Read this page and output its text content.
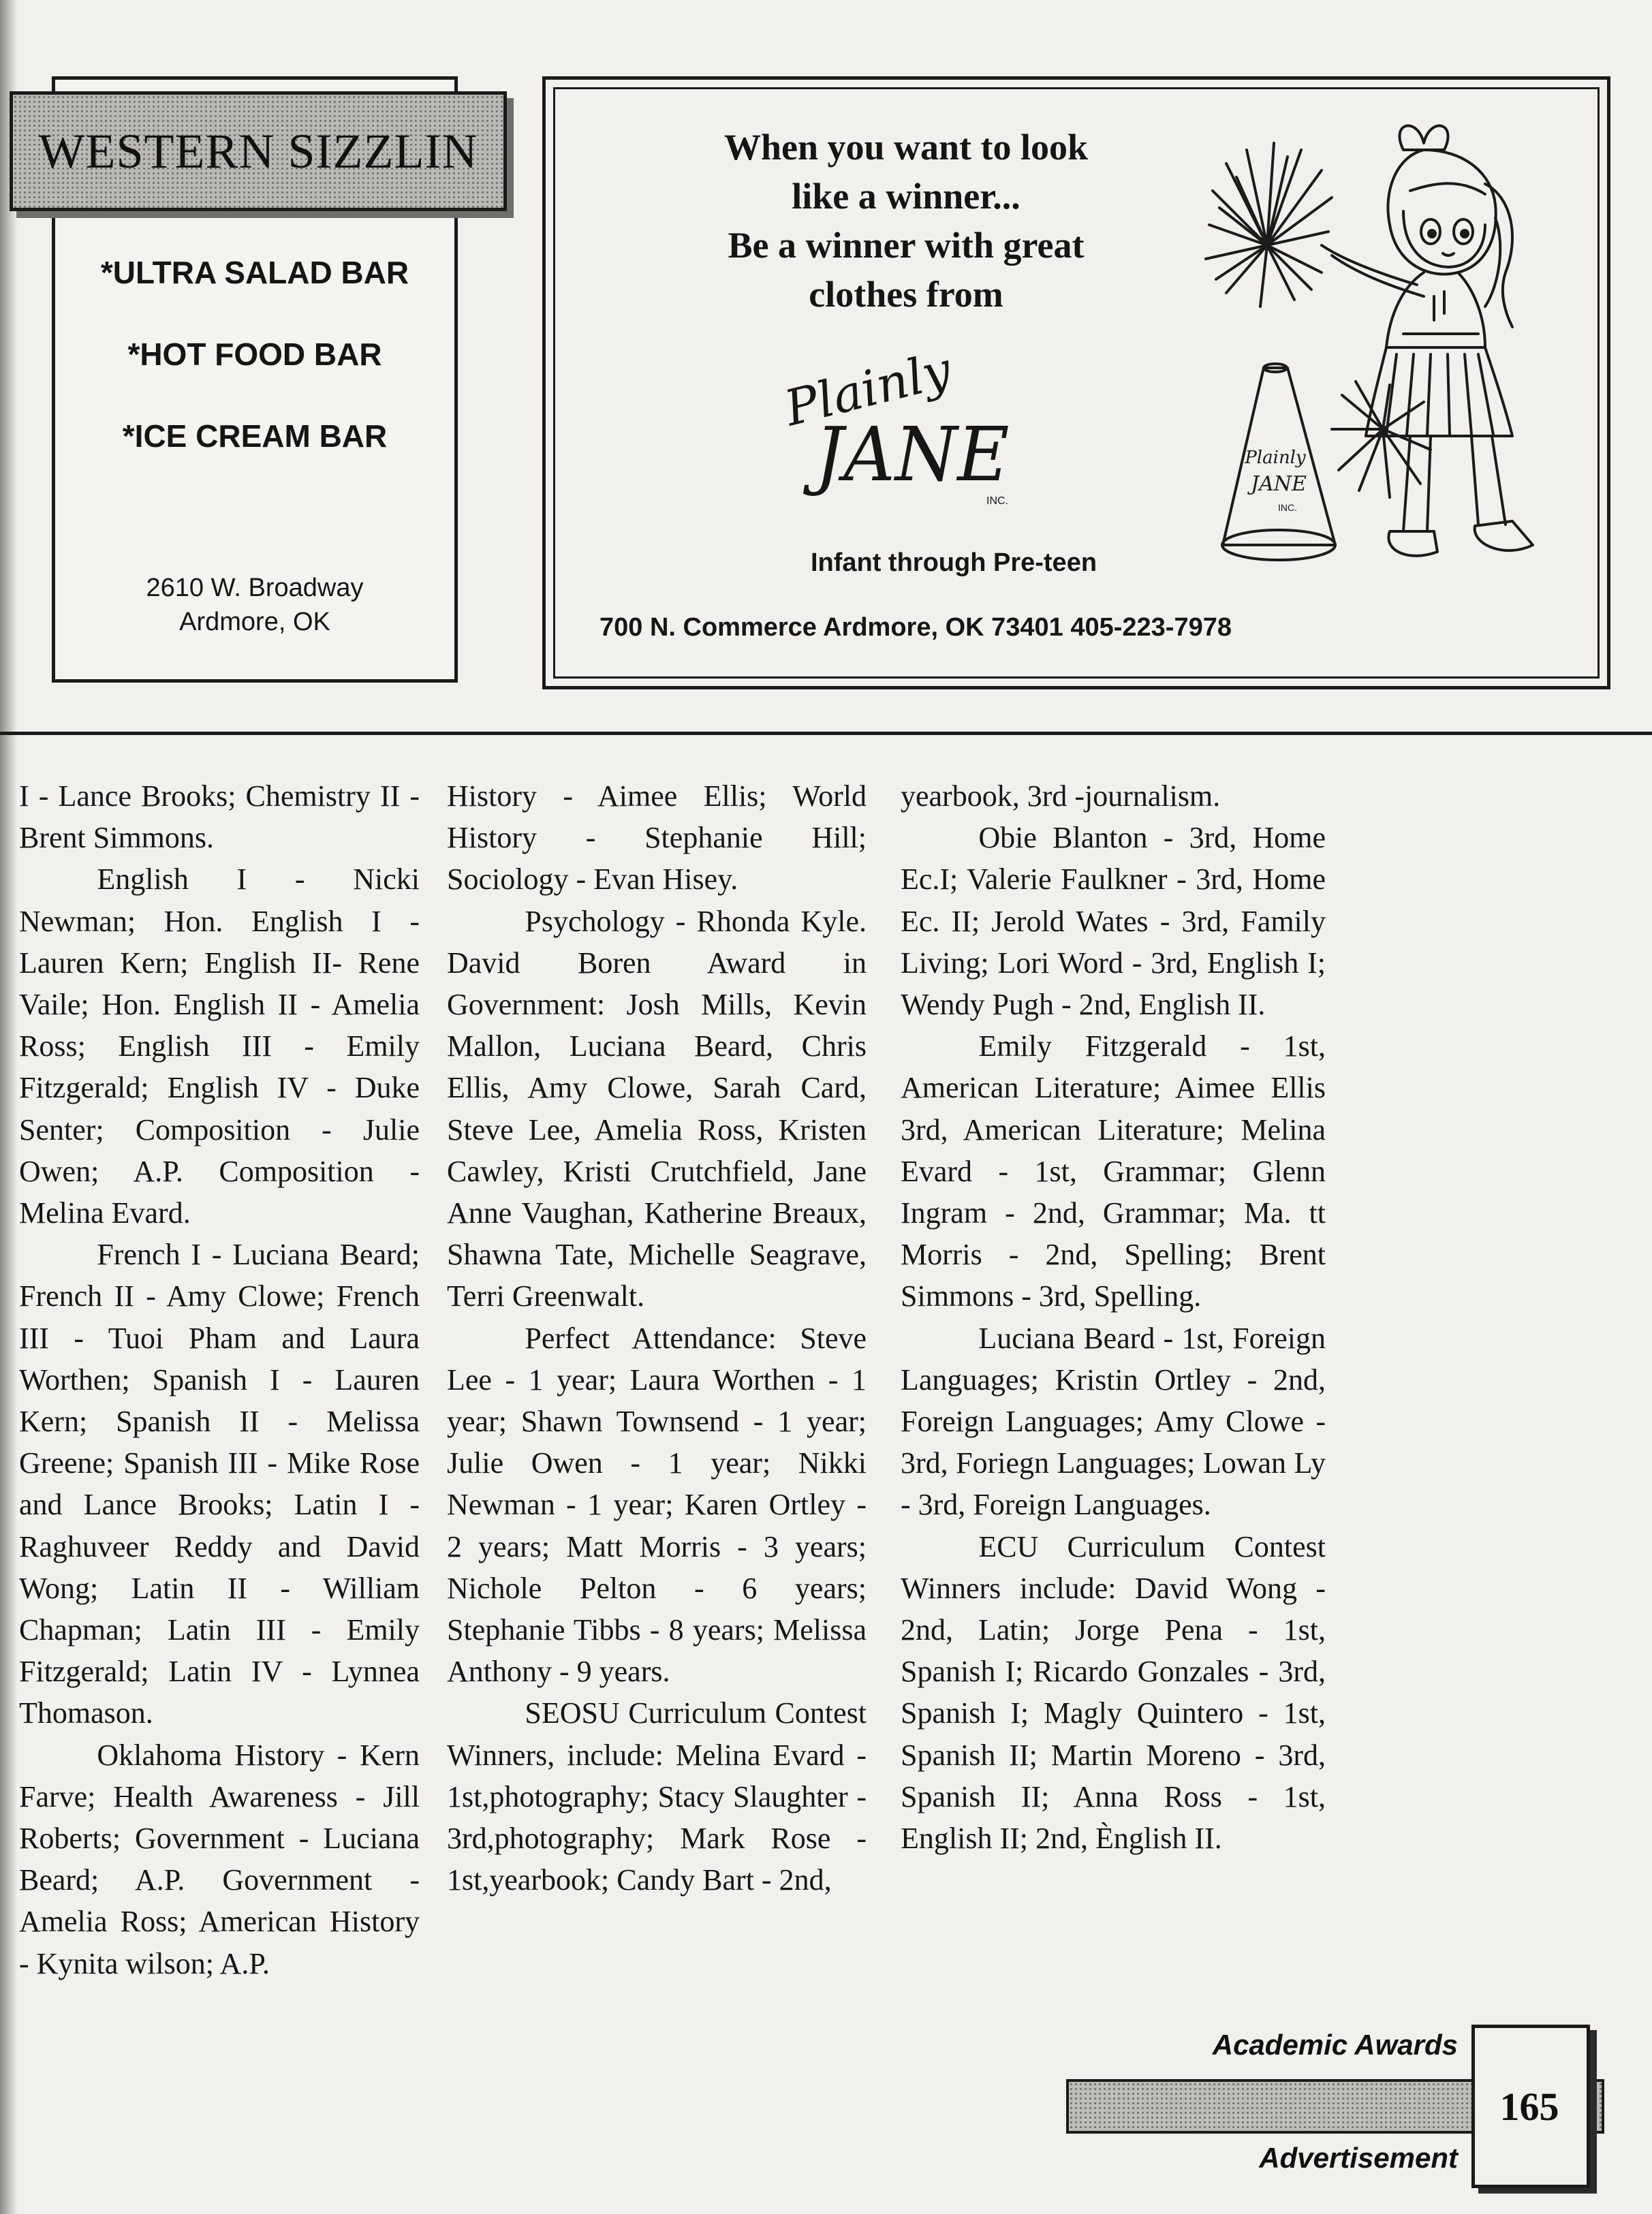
WESTERN SIZZLIN
*ULTRA SALAD BAR
*HOT FOOD BAR
*ICE CREAM BAR
2610 W. Broadway
Ardmore, OK
When you want to look
like a winner...
Be a winner with great
clothes from
Plainly
JANE
INC.
Infant through Pre-teen
700 N. Commerce Ardmore, OK 73401 405-223-7978
Plainly
JANE
INC.

I - Lance Brooks; Chemistry II - Brent Simmons.

English I - Nicki Newman; Hon. English I - Lauren Kern; English II- Rene Vaile; Hon. English II - Amelia Ross; English III - Emily Fitzgerald; English IV - Duke Senter; Composition - Julie Owen; A.P. Composition - Melina Evard.

French I - Luciana Beard; French II - Amy Clowe; French III - Tuoi Pham and Laura Worthen; Spanish I - Lauren Kern; Spanish II - Melissa Greene; Spanish III - Mike Rose and Lance Brooks; Latin I - Raghuveer Reddy and David Wong; Latin II - William Chapman; Latin III - Emily Fitzgerald; Latin IV - Lynnea Thomason.

Oklahoma History - Kern Farve; Health Awareness - Jill Roberts; Government - Luciana Beard; A.P. Government - Amelia Ross; American History - Kynita wilson; A.P.

History - Aimee Ellis; World History - Stephanie Hill; Sociology - Evan Hisey.

Psychology - Rhonda Kyle. David Boren Award in Government: Josh Mills, Kevin Mallon, Luciana Beard, Chris Ellis, Amy Clowe, Sarah Card, Steve Lee, Amelia Ross, Kristen Cawley, Kristi Crutchfield, Jane Anne Vaughan, Katherine Breaux, Shawna Tate, Michelle Seagrave, Terri Greenwalt.

Perfect Attendance: Steve Lee - 1 year; Laura Worthen - 1 year; Shawn Townsend - 1 year; Julie Owen - 1 year; Nikki Newman - 1 year; Karen Ortley - 2 years; Matt Morris - 3 years; Nichole Pelton - 6 years; Stephanie Tibbs - 8 years; Melissa Anthony - 9 years.

SEOSU Curriculum Contest Winners, include: Melina Evard - 1st,photography; Stacy Slaughter - 3rd,photography; Mark Rose - 1st,yearbook; Candy Bart - 2nd,

yearbook, 3rd -journalism.

Obie Blanton - 3rd, Home Ec.I; Valerie Faulkner - 3rd, Home Ec. II; Jerold Wates - 3rd, Family Living; Lori Word - 3rd, English I; Wendy Pugh - 2nd, English II.

Emily Fitzgerald - 1st, American Literature; Aimee Ellis 3rd, American Literature; Melina Evard - 1st, Grammar; Glenn Ingram - 2nd, Grammar; Ma. tt Morris - 2nd, Spelling; Brent Simmons - 3rd, Spelling.

Luciana Beard - 1st, Foreign Languages; Kristin Ortley - 2nd, Foreign Languages; Amy Clowe - 3rd, Foriegn Languages; Lowan Ly - 3rd, Foreign Languages.

ECU Curriculum Contest Winners include: David Wong - 2nd, Latin; Jorge Pena - 1st, Spanish I; Ricardo Gonzales - 3rd, Spanish I; Magly Quintero - 1st, Spanish II; Martin Moreno - 3rd, Spanish II; Anna Ross - 1st, English II; 2nd, Ènglish II.

165
Academic Awards
Advertisement
